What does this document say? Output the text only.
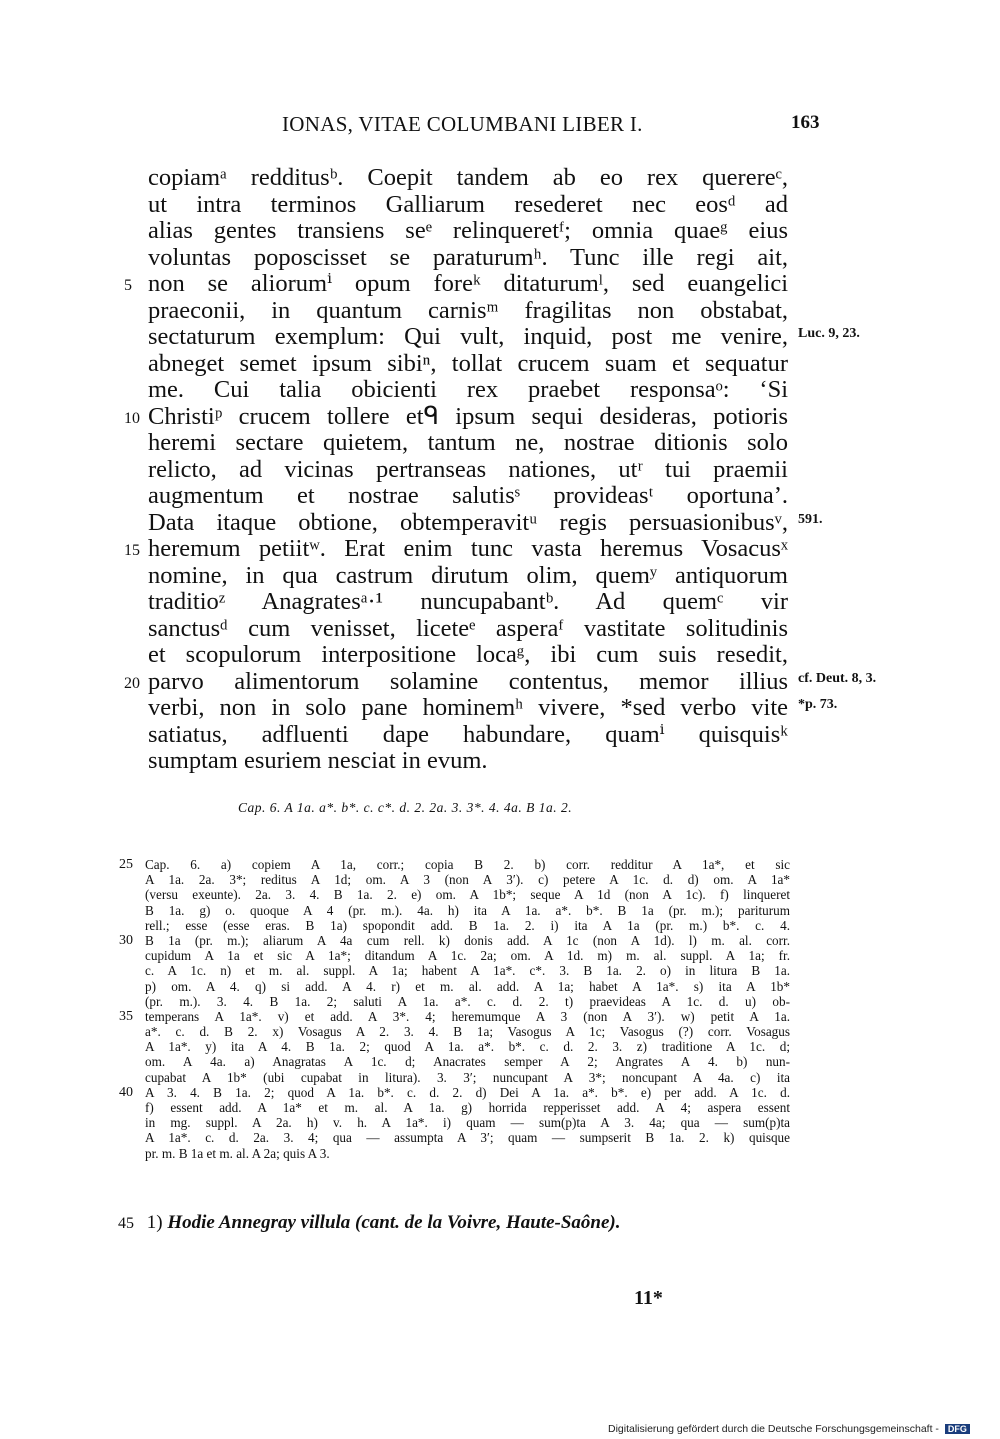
IONAS, VITAE COLUMBANI LIBER I.	163
copiamᵃ redditusᵇ. Coepit tandem ab eo rex querereᶜ,
ut intra terminos Galliarum resederet nec eosᵈ ad
alias gentes transiens seᵉ relinqueretᶠ; omnia quaeᵍ eius
voluntas poposcisset se paraturumʰ. Tunc ille regi ait,
5 non se aliorumⁱ opum foreᵏ ditaturumˡ, sed euangelici
praeconii, in quantum carnisᵐ fragilitas non obstabat,
sectaturum exemplum: Qui vult, inquid, post me venire, Luc. 9, 23.
abneget semet ipsum sibiⁿ, tollat crucem suam et sequatur
me. Cui talia obicienti rex praebet responsaᵒ: ‘Si
10 Christiᵖ crucem tollere etᑫ ipsum sequi desideras, potioris
heremi sectare quietem, tantum ne, nostrae ditionis solo
relicto, ad vicinas pertranseas nationes, utʳ tui praemii
augmentum et nostrae salutisˢ provideasᵗ oportuna’.
Data itaque obtione, obtemperavitᵘ regis persuasionibusᵛ, 591.
15 heremum petiitʷ. Erat enim tunc vasta heremus Vosacusˣ
nomine, in qua castrum dirutum olim, quemʸ antiquorum
traditioᶻ Anagratesᵃ·¹ nuncupabantᵇ. Ad quemᶜ vir
sanctusᵈ cum venisset, liceteᵉ asperaᶠ vastitate solitudinis
et scopulorum interpositione locaᵍ, ibi cum suis resedit,
20 parvo alimentorum solamine contentus, memor illius cf. Deut. 8, 3.
verbi, non in solo pane hominemʰ vivere, *sed verbo vite *p. 73.
satiatus, adfluenti dape habundare, quamⁱ quisquisᵏ
sumptam esuriem nesciat in evum.
Cap. 6. A 1a. a*. b*. c. c*. d. 2. 2a. 3. 3*. 4. 4a. B 1a. 2.
25 Cap. 6. a) copiem A 1a, corr.; copia B 2. b) corr. redditur A 1a*, et sic
A 1a. 2a. 3*; reditus A 1d; om. A 3 (non A 3′). c) petere A 1c. d. d) om. A 1a*
(versu exeunte). 2a. 3. 4. B 1a. 2. e) om. A 1b*; seque A 1d (non A 1c). f) linqueret
B 1a. g) o. quoque A 4 (pr. m.). 4a. h) ita A 1a. a*. b*. B 1a (pr. m.); pariturum
rell.; esse (esse eras. B 1a) spopondit add. B 1a. 2. i) ita A 1a (pr. m.) b*. c. 4.
30 B 1a (pr. m.); aliarum A 4a cum rell. k) donis add. A 1c (non A 1d). l) m. al. corr.
cupidum A 1a et sic A 1a*; ditandum A 1c. 2a; om. A 1d. m) m. al. suppl. A 1a; fr.
c. A 1c. n) et m. al. suppl. A 1a; habent A 1a*. c*. 3. B 1a. 2. o) in litura B 1a.
p) om. A 4. q) si add. A 4. r) et m. al. add. A 1a; habet A 1a*. s) ita A 1b*
(pr. m.). 3. 4. B 1a. 2; saluti A 1a. a*. c. d. 2. t) praevideas A 1c. d. u) ob-
35 temperans A 1a*. v) et add. A 3*. 4; heremumque A 3 (non A 3′). w) petit A 1a.
a*. c. d. B 2. x) Vosagus A 2. 3. 4. B 1a; Vasogus A 1c; Vasogus (?) corr. Vosagus
A 1a*. y) ita A 4. B 1a. 2; quod A 1a. a*. b*. c. d. 2. 3. z) traditione A 1c. d;
om. A 4a. a) Anagratas A 1c. d; Anacrates semper A 2; Angrates A 4. b) nun-
cupabat A 1b* (ubi cupabat in litura). 3. 3′; nuncupant A 3*; noncupant A 4a. c) ita
40 A 3. 4. B 1a. 2; quod A 1a. b*. c. d. 2. d) Dei A 1a. a*. b*. e) per add. A 1c. d.
f) essent add. A 1a* et m. al. A 1a. g) horrida repperisset add. A 4; aspera essent
in mg. suppl. A 2a. h) v. h. A 1a*. i) quam — sum(p)ta A 3. 4a; qua — sum(p)ta
A 1a*. c. d. 2a. 3. 4; qua — assumpta A 3′; quam — sumpserit B 1a. 2. k) quisque
pr. m. B 1a et m. al. A 2a; quis A 3.
45 1) Hodie Annegray villula (cant. de la Voivre, Haute-Saône).
11*
Digitalisierung gefördert durch die Deutsche Forschungsgemeinschaft - DFG
